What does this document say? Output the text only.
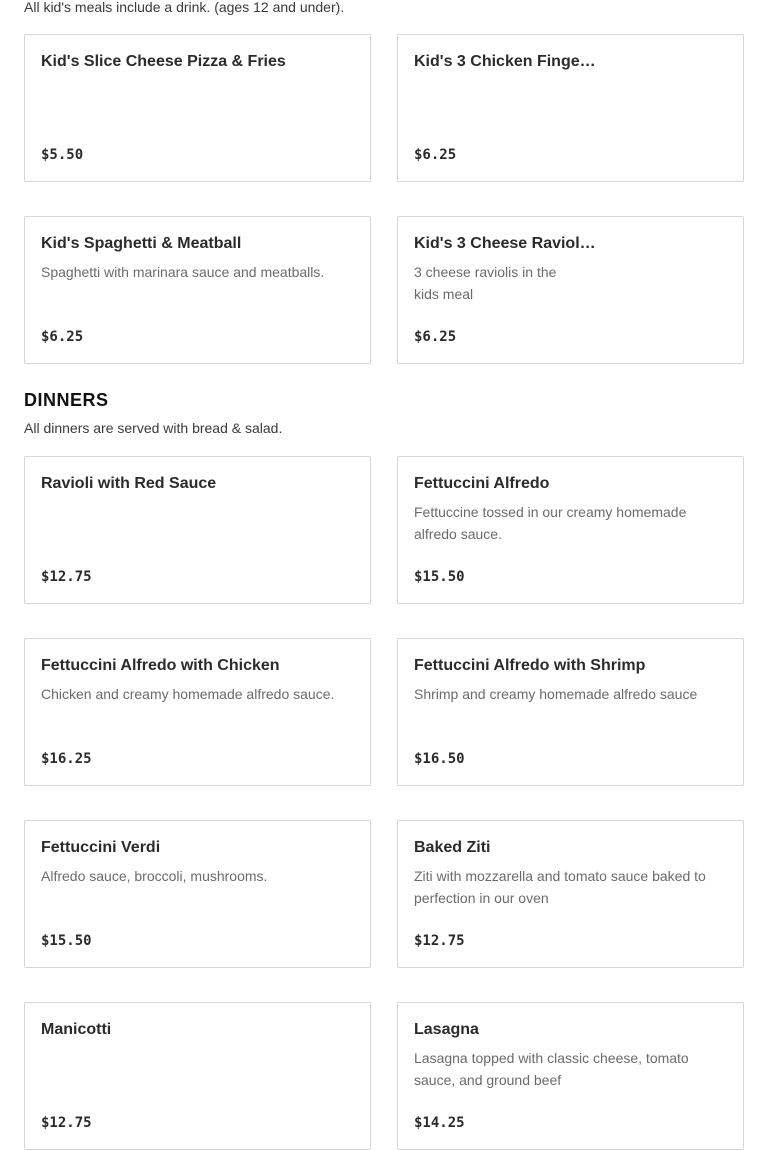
All kid's meals include a drink. (ages 12 and under).
Kid's Slice Cheese Pizza & Fries
$5.50
Kid's 3 Chicken Finge…
$6.25
Kid's Spaghetti & Meatball
Spaghetti with marinara sauce and meatballs.
$6.25
Kid's 3 Cheese Raviol…
3 cheese raviolis in the kids meal
$6.25
DINNERS
All dinners are served with bread & salad.
Ravioli with Red Sauce
$12.75
Fettuccini Alfredo
Fettuccine tossed in our creamy homemade alfredo sauce.
$15.50
Fettuccini Alfredo with Chicken
Chicken and creamy homemade alfredo sauce.
$16.25
Fettuccini Alfredo with Shrimp
Shrimp and creamy homemade alfredo sauce
$16.50
Fettuccini Verdi
Alfredo sauce, broccoli, mushrooms.
$15.50
Baked Ziti
Ziti with mozzarella and tomato sauce baked to perfection in our oven
$12.75
Manicotti
$12.75
Lasagna
Lasagna topped with classic cheese, tomato sauce, and ground beef
$14.25
